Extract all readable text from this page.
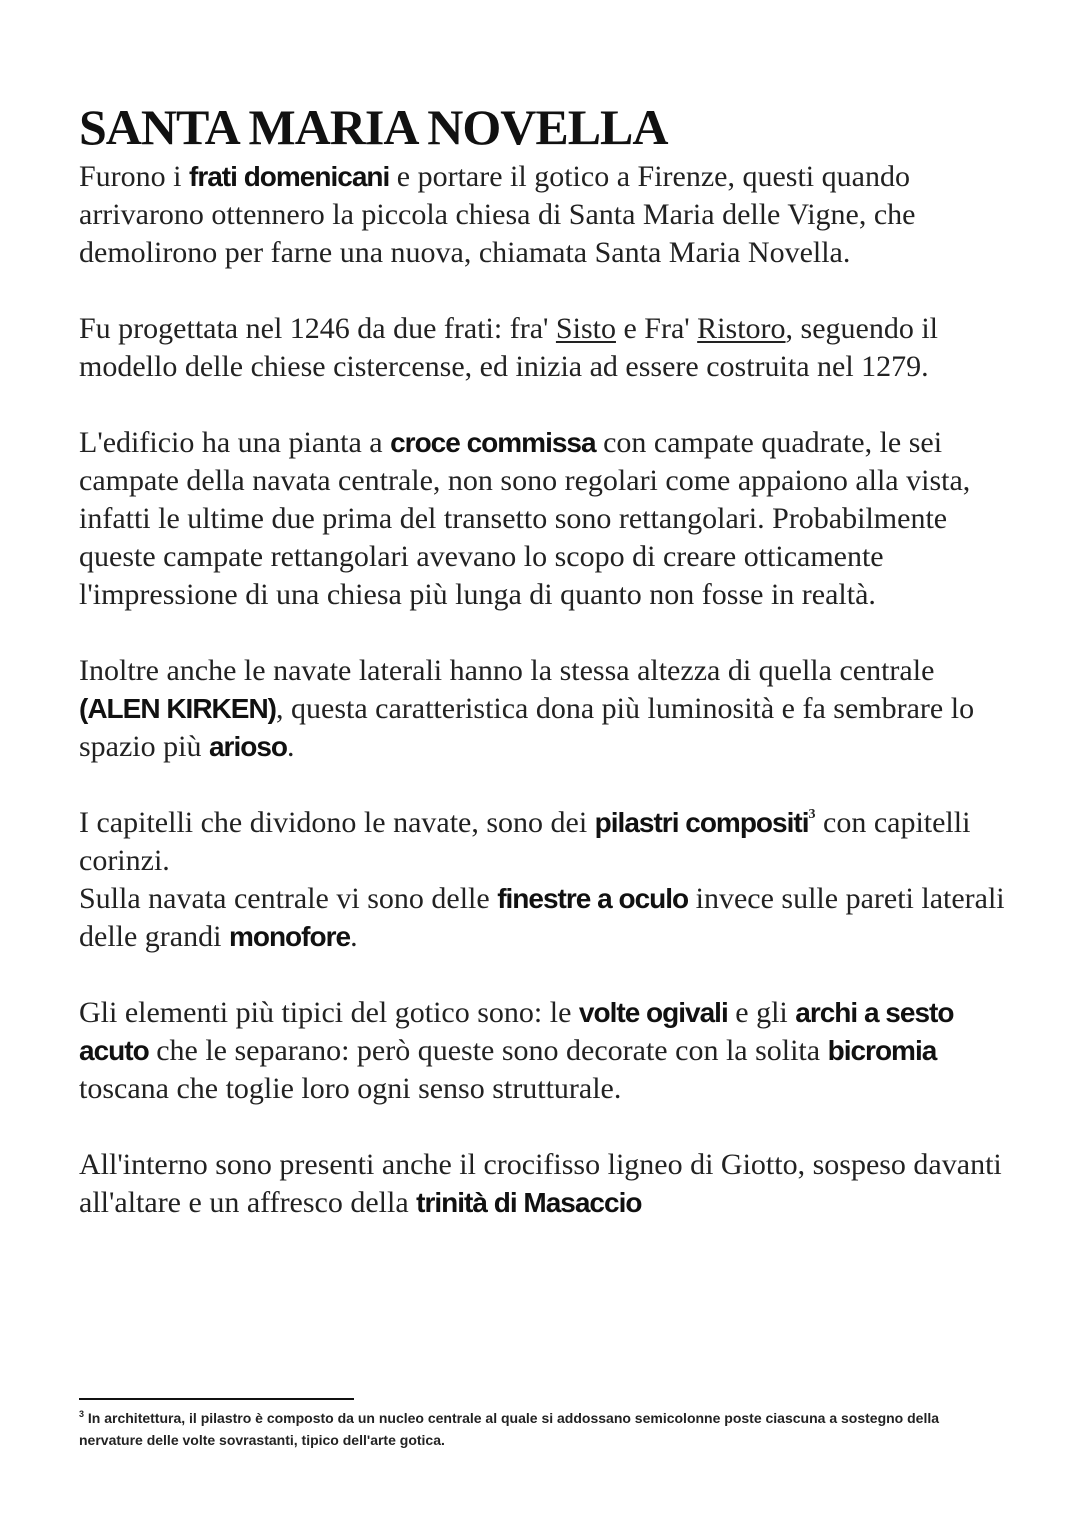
SANTA MARIA NOVELLA

Furono i frati domenicani e portare il gotico a Firenze, questi quando arrivarono ottennero la piccola chiesa di Santa Maria delle Vigne, che demolirono per farne una nuova, chiamata Santa Maria Novella.

Fu progettata nel 1246 da due frati: fra' Sisto e Fra' Ristoro, seguendo il modello delle chiese cistercense, ed inizia ad essere costruita nel 1279.

L'edificio ha una pianta a croce commissa con campate quadrate, le sei campate della navata centrale, non sono regolari come appaiono alla vista, infatti le ultime due prima del transetto sono rettangolari. Probabilmente queste campate rettangolari avevano lo scopo di creare otticamente l'impressione di una chiesa più lunga di quanto non fosse in realtà.

Inoltre anche le navate laterali hanno la stessa altezza di quella centrale (ALEN KIRKEN), questa caratteristica dona più luminosità e fa sembrare lo spazio più arioso.

I capitelli che dividono le navate, sono dei pilastri compositi$^3$ con capitelli corinzi.

Sulla navata centrale vi sono delle finestre a oculo invece sulle pareti laterali delle grandi monofore.

Gli elementi più tipici del gotico sono: le volte ogivali e gli archi a sesto acuto che le separano: però queste sono decorate con la solita bicromia toscana che toglie loro ogni senso strutturale.

All'interno sono presenti anche il crocifisso ligneo di Giotto, sospeso davanti all'altare e un affresco della trinità di Masaccio

$^3$ In architettura, il pilastro è composto da un nucleo centrale al quale si addossano semicolonne poste ciascuna a sostegno della nervature delle volte sovrastanti, tipico dell'arte gotica.
